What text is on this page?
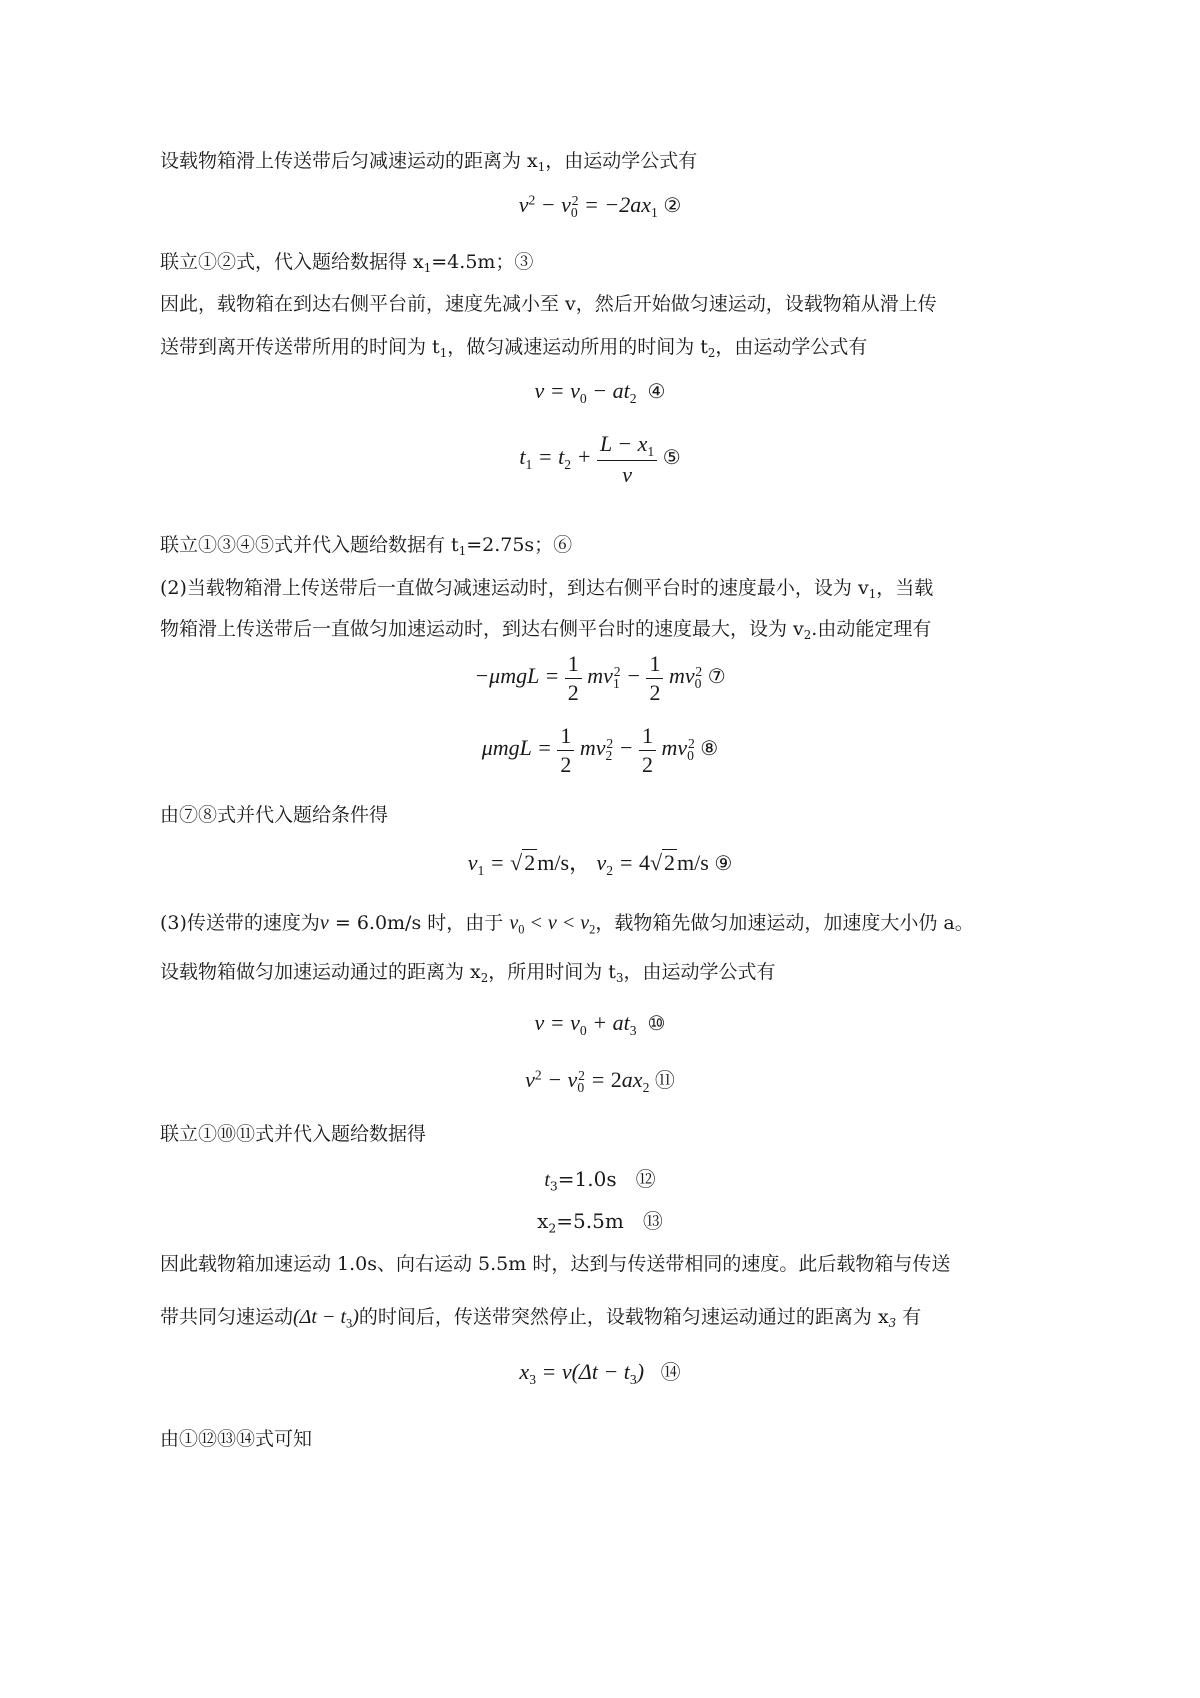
设载物箱滑上传送带后匀减速运动的距离为 $x_1$，由运动学公式有
$v^2 - v_0^2 = -2ax_1$ ②
联立①②式，代入题给数据得 $x_1=4.5m$；③
因此，载物箱在到达右侧平台前，速度先减小至 v，然后开始做匀速运动，设载物箱从滑上传
送带到离开传送带所用的时间为 $t_1$，做匀减速运动所用的时间为 $t_2$，由运动学公式有
$v = v_0 - at_2$ ④
$t_1 = t_2 + \frac{L - x_1}{v}$ ⑤
联立①③④⑤式并代入题给数据有 $t_1=2.75s$；⑥
(2)当载物箱滑上传送带后一直做匀减速运动时，到达右侧平台时的速度最小，设为 $v_1$，当载
物箱滑上传送带后一直做匀加速运动时，到达右侧平台时的速度最大，设为 $v_2$.由动能定理有
$-\mu mgL = \frac{1}{2} mv_1^2 - \frac{1}{2} mv_0^2$ ⑦
$\mu mgL = \frac{1}{2} mv_2^2 - \frac{1}{2} mv_0^2$ ⑧
由⑦⑧式并代入题给条件得
$v_1 = √2m/s$， $v_2 = 4√2m/s$ ⑨
(3)传送带的速度为v = 6.0m/s 时，由于 $v_0 < v < v_2$，载物箱先做匀加速运动，加速度大小仍 a。
设载物箱做匀加速运动通过的距离为 $x_2$，所用时间为 $t_3$，由运动学公式有
$v = v_0 + at_3$ ⑩
$v^2 - v_0^2 = 2ax_2$ ⑪
联立①⑩⑪式并代入题给数据得
$t_3=1.0s$ ⑫
$x_2=5.5m$ ⑬
因此载物箱加速运动 1.0s、向右运动 5.5m 时，达到与传送带相同的速度。此后载物箱与传送
带共同匀速运动$(\Delta t - t_3)$的时间后，传送带突然停止，设载物箱匀速运动通过的距离为 $x_3$ 有
$x_3 = v(\Delta t - t_3)$   ⑭
由①⑫⑬⑭式可知
